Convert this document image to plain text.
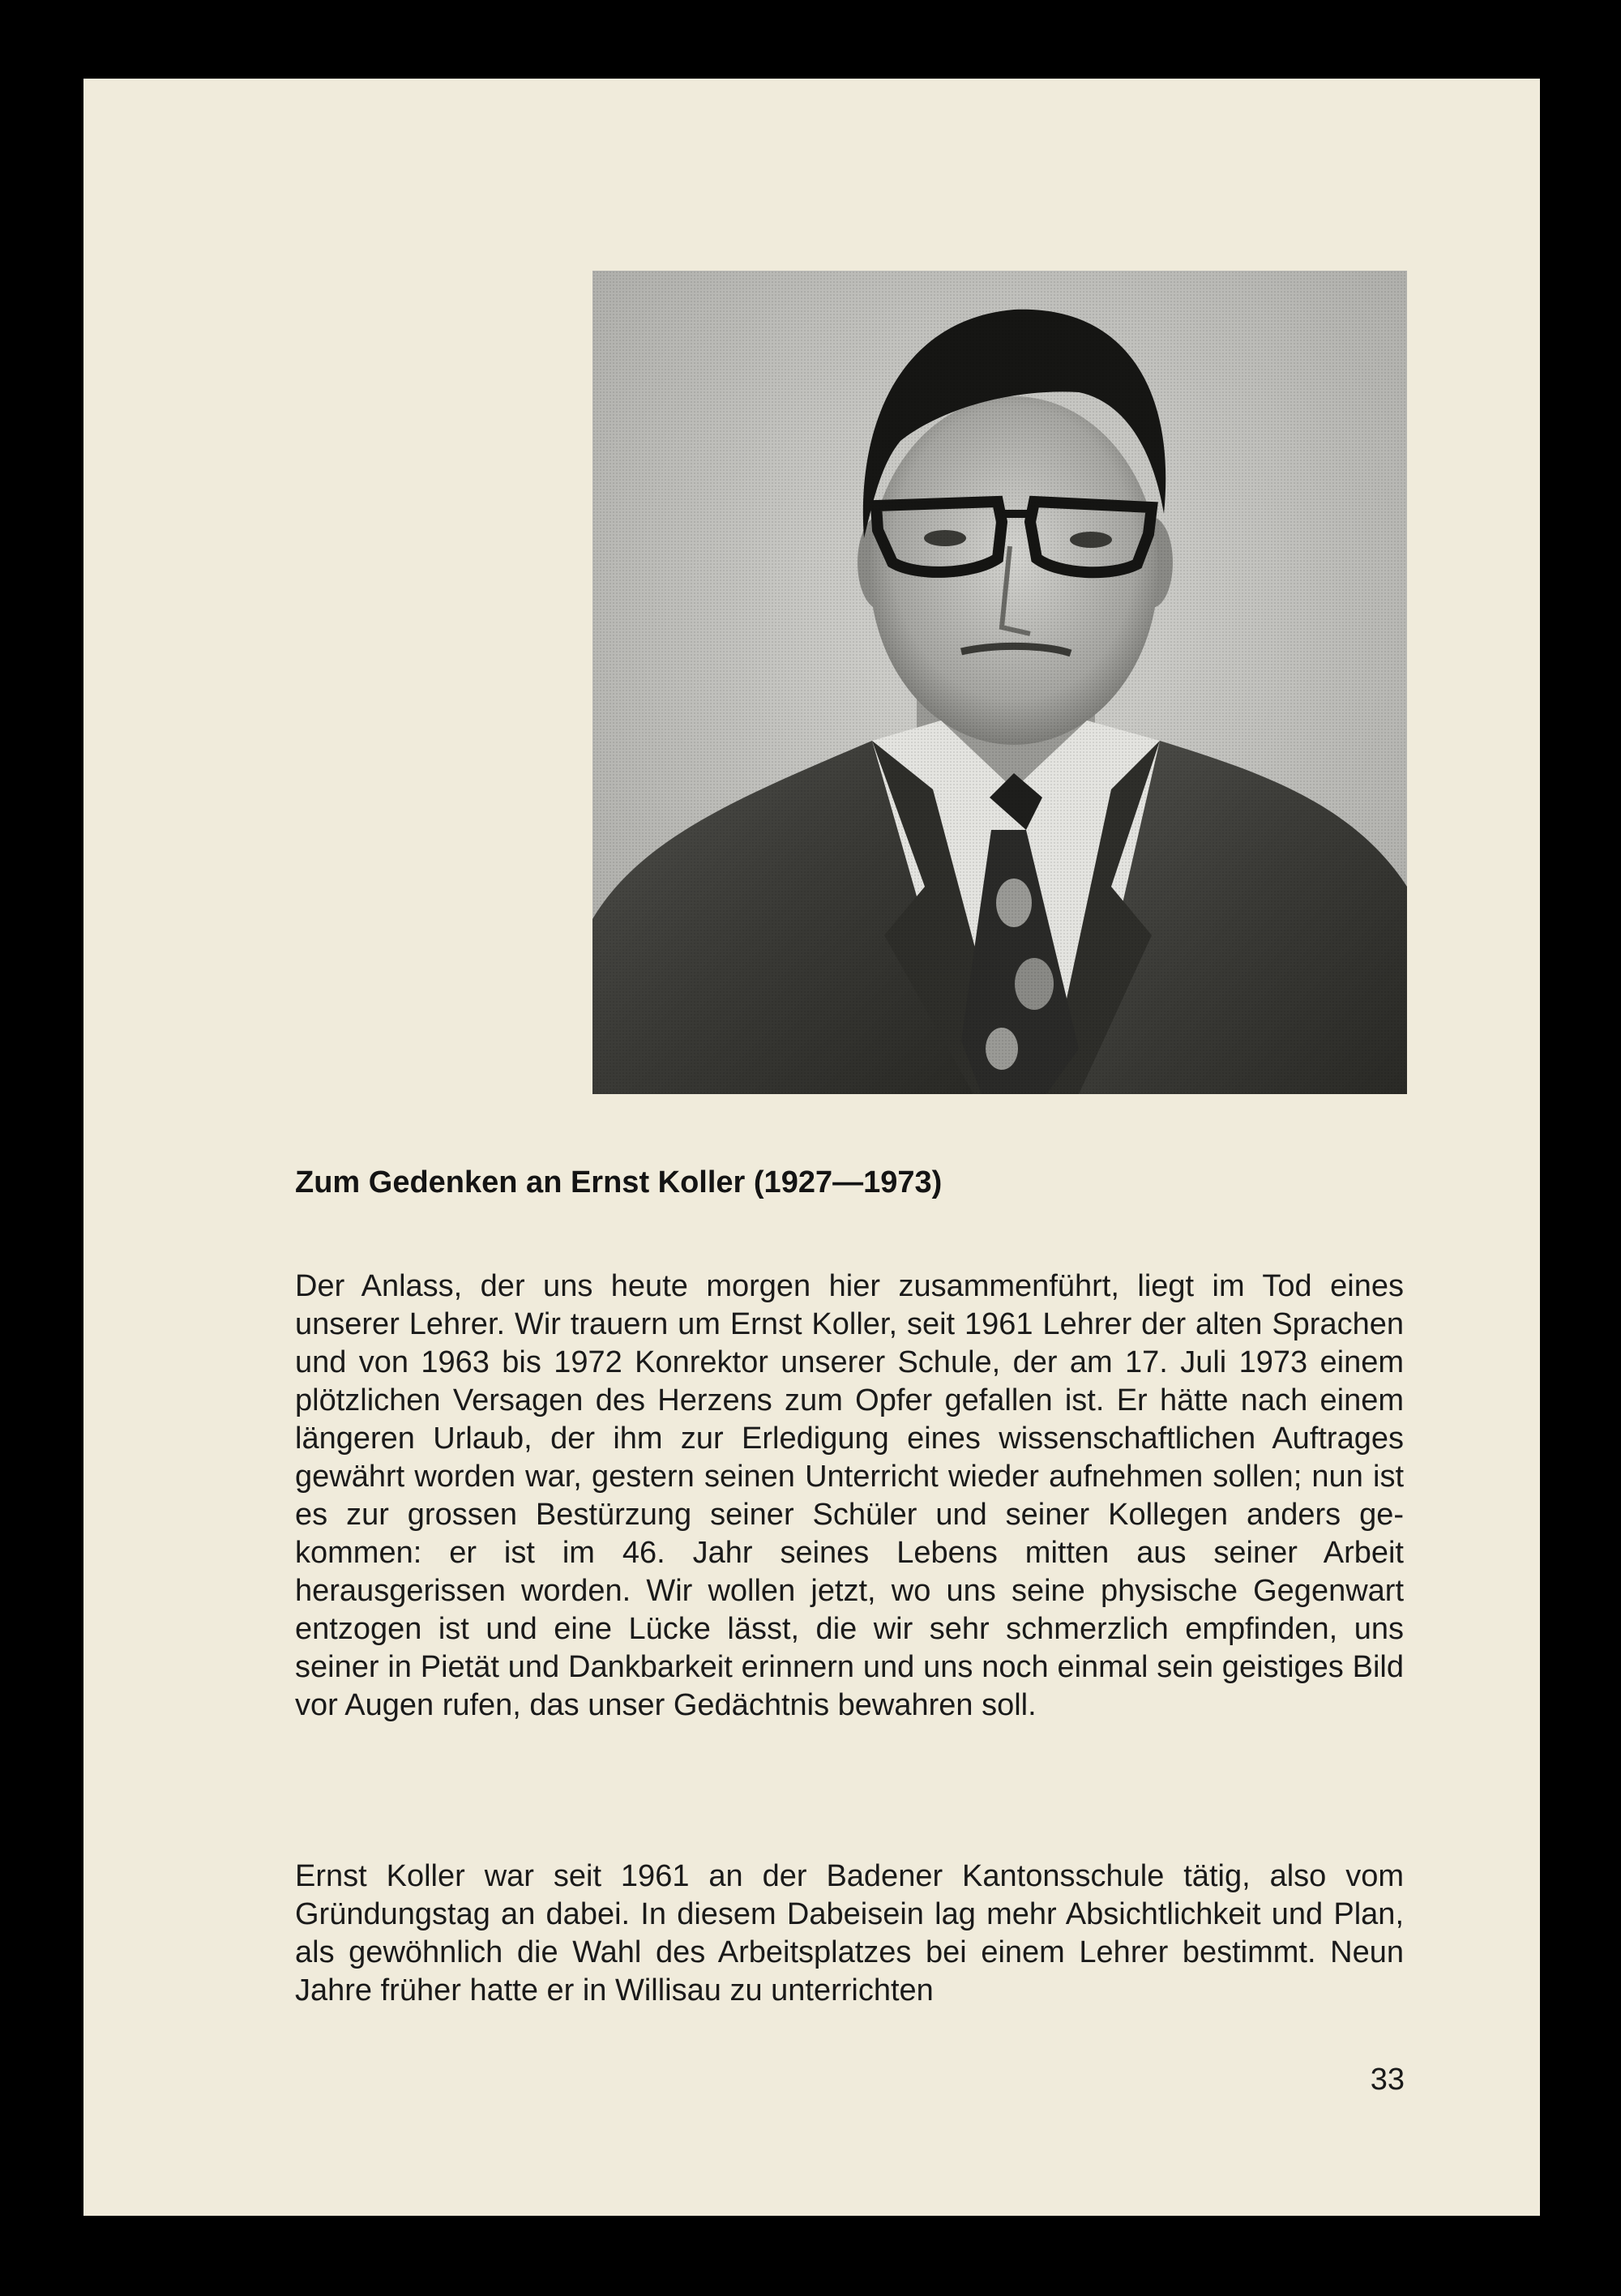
Zum Gedenken an Ernst Koller (1927—1973)

Der Anlass, der uns heute morgen hier zusammenführt, liegt im Tod eines unserer Lehrer. Wir trauern um Ernst Koller, seit 1961 Lehrer der alten Sprachen und von 1963 bis 1972 Konrektor unserer Schule, der am 17. Juli 1973 einem plötzlichen Versagen des Herzens zum Opfer gefallen ist. Er hätte nach einem längeren Urlaub, der ihm zur Erledigung eines wissenschaftlichen Auftrages gewährt worden war, gestern seinen Unterricht wieder aufnehmen sollen; nun ist es zur grossen Bestürzung seiner Schüler und seiner Kollegen anders gekommen: er ist im 46. Jahr seines Lebens mitten aus seiner Arbeit herausgerissen worden. Wir wollen jetzt, wo uns seine physische Gegenwart entzogen ist und eine Lücke lässt, die wir sehr schmerzlich empfinden, uns seiner in Pietät und Dankbarkeit erinnern und uns noch einmal sein geistiges Bild vor Augen rufen, das unser Gedächtnis bewahren soll.

Ernst Koller war seit 1961 an der Badener Kantonsschule tätig, also vom Gründungstag an dabei. In diesem Dabeisein lag mehr Absichtlichkeit und Plan, als gewöhnlich die Wahl des Arbeitsplatzes bei einem Lehrer bestimmt. Neun Jahre früher hatte er in Willisau zu unterrichten

33
